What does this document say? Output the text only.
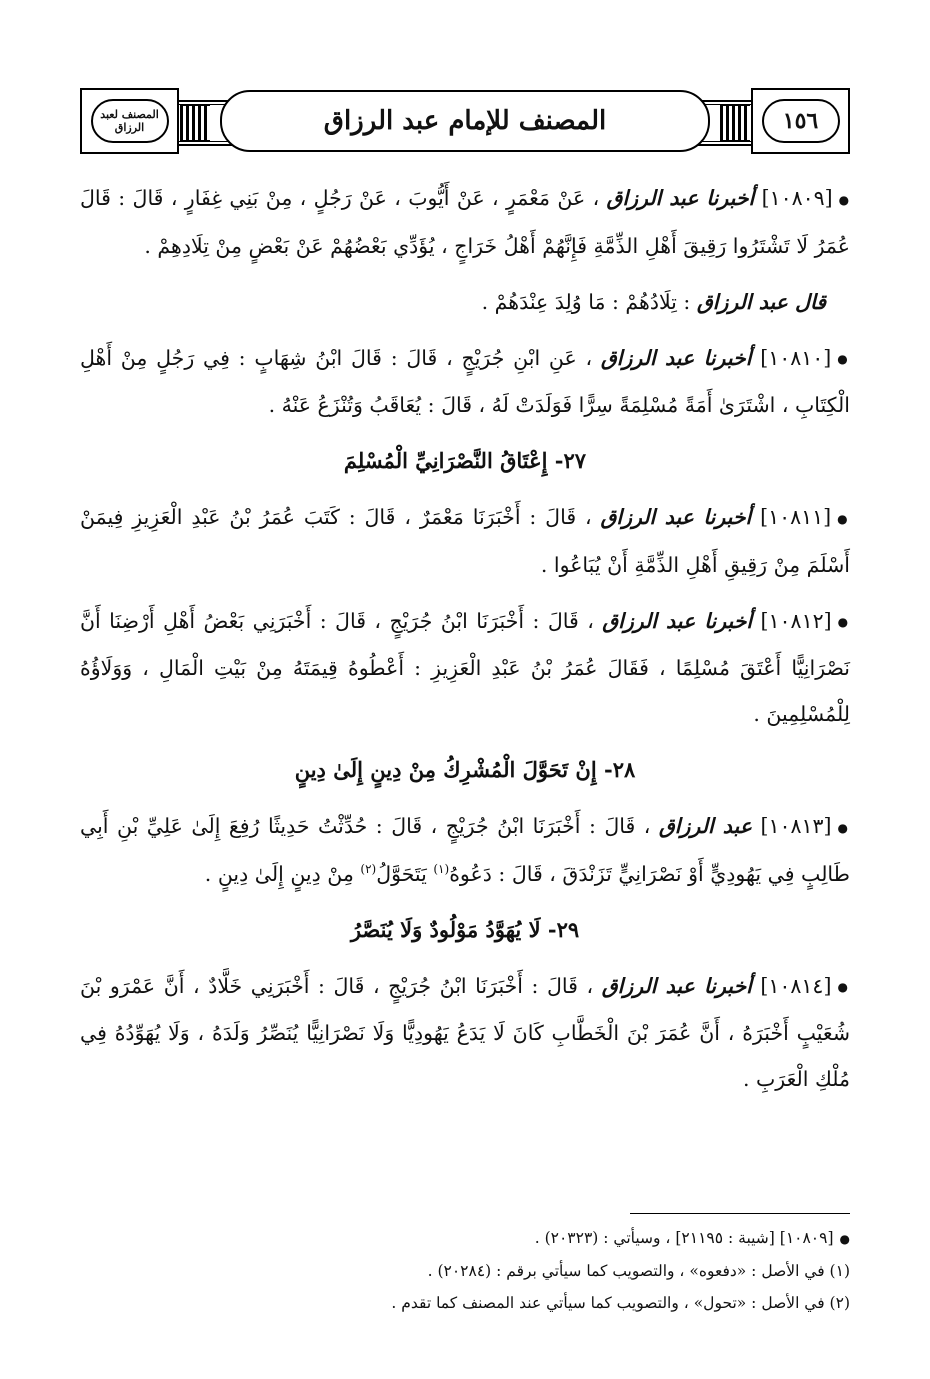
المصنف لعبد الرزاق	المصنف للإمام عبد الرزاق	١٥٦

●[١٠٨٠٩] أخبرنا عبد الرزاق ، عَنْ مَعْمَرٍ ، عَنْ أَيُّوبَ ، عَنْ رَجُلٍ ، مِنْ بَنِي غِفَارٍ ، قَالَ : قَالَ عُمَرُ لَا تَشْتَرُوا رَقِيقَ أَهْلِ الذِّمَّةِ فَإِنَّهُمْ أَهْلُ خَرَاجٍ ، يُؤَدِّي بَعْضُهُمْ عَنْ بَعْضٍ مِنْ تِلَادِهِمْ .

قال عبد الرزاق : تِلَادُهُمْ : مَا وُلِدَ عِنْدَهُمْ .

●[١٠٨١٠] أخبرنا عبد الرزاق ، عَنِ ابْنِ جُرَيْجٍ ، قَالَ : قَالَ ابْنُ شِهَابٍ : فِي رَجُلٍ مِنْ أَهْلِ الْكِتَابِ ، اشْتَرَىٰ أَمَةً مُسْلِمَةً سِرًّا فَوَلَدَتْ لَهُ ، قَالَ : يُعَاقَبُ وَتُنْزَعُ عَنْهُ .

٢٧- إِعْتَاقُ النَّصْرَانِيِّ الْمُسْلِمَ

●[١٠٨١١] أخبرنا عبد الرزاق ، قَالَ : أَخْبَرَنَا مَعْمَرٌ ، قَالَ : كَتَبَ عُمَرُ بْنُ عَبْدِ الْعَزِيزِ فِيمَنْ أَسْلَمَ مِنْ رَقِيقِ أَهْلِ الذِّمَّةِ أَنْ يُبَاعُوا .

●[١٠٨١٢] أخبرنا عبد الرزاق ، قَالَ : أَخْبَرَنَا ابْنُ جُرَيْجٍ ، قَالَ : أَخْبَرَنِي بَعْضُ أَهْلِ أَرْضِنَا أَنَّ نَصْرَانِيًّا أَعْتَقَ مُسْلِمًا ، فَقَالَ عُمَرُ بْنُ عَبْدِ الْعَزِيزِ : أَعْطُوهُ قِيمَتَهُ مِنْ بَيْتِ الْمَالِ ، وَوَلَاؤُهُ لِلْمُسْلِمِينَ .

٢٨- إِنْ تَحَوَّلَ الْمُشْرِكُ مِنْ دِينٍ إِلَىٰ دِينٍ

●[١٠٨١٣] عبد الرزاق ، قَالَ : أَخْبَرَنَا ابْنُ جُرَيْجٍ ، قَالَ : حُدِّثْتُ حَدِيثًا رُفِعَ إِلَىٰ عَلِيِّ بْنِ أَبِي طَالِبٍ فِي يَهُودِيٍّ أَوْ نَصْرَانِيٍّ تَزَنْدَقَ ، قَالَ : دَعُوهُ$^{(١)}$ يَتَحَوَّلُ$^{(٢)}$ مِنْ دِينٍ إِلَىٰ دِينٍ .

٢٩- لَا يُهَوَّدُ مَوْلُودٌ وَلَا يُنَصَّرُ

●[١٠٨١٤] أخبرنا عبد الرزاق ، قَالَ : أَخْبَرَنَا ابْنُ جُرَيْجٍ ، قَالَ : أَخْبَرَنِي خَلَّادٌ ، أَنَّ عَمْرَو بْنَ شُعَيْبٍ أَخْبَرَهُ ، أَنَّ عُمَرَ بْنَ الْخَطَّابِ كَانَ لَا يَدَعُ يَهُودِيًّا وَلَا نَصْرَانِيًّا يُنَصِّرُ وَلَدَهُ ، وَلَا يُهَوِّدُهُ فِي مُلْكِ الْعَرَبِ .

●[١٠٨٠٩] [شيبة : ٢١١٩٥] ، وسيأتي : (٢٠٣٢٣) .

(١) في الأصل : «دفعوه» ، والتصويب كما سيأتي برقم : (٢٠٢٨٤) .

(٢) في الأصل : «تحول» ، والتصويب كما سيأتي عند المصنف كما تقدم .
